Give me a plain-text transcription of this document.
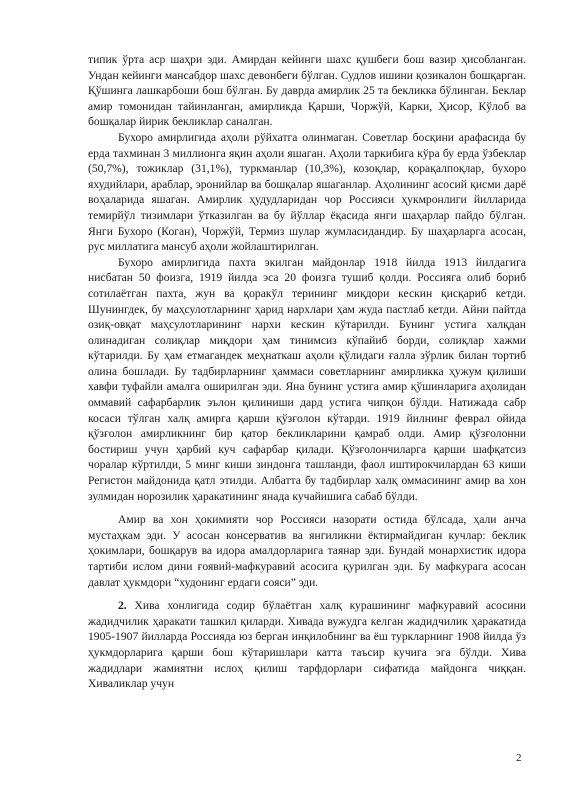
типик ўрта аср шаҳри эди. Амирдан кейинги шахс қушбеги бош вазир ҳисобланган. Ундан кейинги мансабдор шахс девонбеги бўлган. Судлов ишини қозикалон бошқарган. Қўшинга лашкарбоши бош бўлган. Бу даврда амирлик 25 та бекликка бўлинган. Беклар амир томонидан тайинланган, амирликда Қарши, Чоржўй, Карки, Ҳисор, Кўлоб ва бошқалар йирик бекликлар саналган.

Бухоро амирлигида аҳоли рўйхатга олинмаган. Советлар босқини арафасида бу ерда тахминан 3 миллионга яқин аҳоли яшаган. Аҳоли таркибига кўра бу ерда ўзбеклар (50,7%), тожиклар (31,1%), туркманлар (10,3%), козоқлар, қорақалпоқлар, бухоро яхудийлари, араблар, эронийлар ва бошқалар яшаганлар. Аҳолининг асосий қисми дарё воҳаларида яшаган. Амирлик ҳудудларидан чор Россияси ҳукмронлиги йилларида темирйўл тизимлари ўтказилган ва бу йўллар ёқасида янги шаҳарлар пайдо бўлган. Янги Бухоро (Коган), Чоржўй, Термиз шулар жумласидандир. Бу шаҳарларга асосан, рус миллатига мансуб аҳоли жойлаштирилган.

Бухоро амирлигида пахта экилган майдонлар 1918 йилда 1913 йилдагига нисбатан 50 фоизга, 1919 йилда эса 20 фоизга тушиб қолди. Россияга олиб бориб сотилаётган пахта, жун ва қоракўл терининг миқдори кескин қисқариб кетди. Шунингдек, бу маҳсулотларнинг ҳарид нархлари ҳам жуда пастлаб кетди. Айни пайтда озиқ-овқат маҳсулотларининг нархи кескин кўтарилди. Бунинг устига халқдан олинадиган солиқлар миқдори ҳам тинимсиз кўпайиб борди, солиқлар хажми кўтарилди. Бу ҳам етмагандек меҳнаткаш аҳоли қўлидаги ғалла зўрлик билан тортиб олина бошлади. Бу тадбирларнинг ҳаммаси советларнинг амирликка ҳужум қилиши хавфи туфайли амалга оширилган эди. Яна бунинг устига амир қўшинларига аҳолидан оммавий сафарбарлик эълон қилиниши дард устига чипқон бўлди. Натижада сабр косаси тўлган халқ амирга қарши қўзғолон кўтарди. 1919 йилнинг феврал ойида қўзғолон амирликнинг бир қатор бекликларини қамраб олди. Амир қўзғолонни бостириш учун ҳарбий куч сафарбар қилади. Қўзғолончиларга қарши шафқатсиз чоралар кўртилди, 5 минг киши зиндонга ташланди, фаол иштирокчилардан 63 киши Регистон майдонида қатл этилди. Албатта бу тадбирлар халқ оммасининг амир ва хон зулмидан норозилик ҳаракатининг янада кучайишига сабаб бўлди.

Амир ва хон ҳокимияти чор Россияси назорати остида бўлсада, ҳали анча мустаҳкам эди. У асосан консерватив ва янгиликни ёктирмайдиган кучлар: беклик ҳокимлари, бошқарув ва идора амалдорларига таянар эди. Бундай монархистик идора тартиби ислом дини ғоявий-мафкуравий асосига қурилган эди. Бу мафкурага асосан давлат ҳукмдори “худонинг ердаги сояси” эди.

2. Хива хонлигида содир бўлаётган халқ курашининг мафкуравий асосини жадидчилик ҳаракати ташкил қиларди. Хивада вужудга келган жадидчилик ҳаракатида 1905-1907 йилларда Россияда юз берган инқилобнинг ва ёш туркларнинг 1908 йилда ўз ҳукмдорларига қарши бош кўтаришлари катта таъсир кучига эга бўлди. Хива жадидлари жамиятни ислоҳ қилиш тарфдорлари сифатида майдонга чиққан. Хиваликлар учун

2
